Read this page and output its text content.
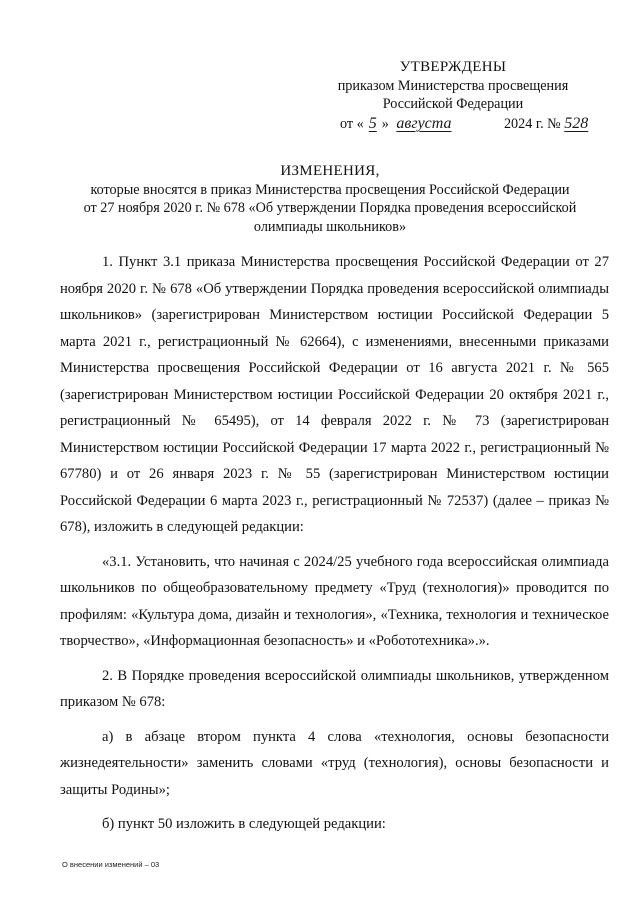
УТВЕРЖДЕНЫ
приказом Министерства просвещения
Российской Федерации
от « 5 » августа	2024 г. № 528
ИЗМЕНЕНИЯ,
которые вносятся в приказ Министерства просвещения Российской Федерации
от 27 ноября 2020 г. № 678 «Об утверждении Порядка проведения всероссийской
олимпиады школьников»

1. Пункт 3.1 приказа Министерства просвещения Российской Федерации от 27 ноября 2020 г. № 678 «Об утверждении Порядка проведения всероссийской олимпиады школьников» (зарегистрирован Министерством юстиции Российской Федерации 5 марта 2021 г., регистрационный № 62664), с изменениями, внесенными приказами Министерства просвещения Российской Федерации от 16 августа 2021 г. № 565 (зарегистрирован Министерством юстиции Российской Федерации 20 октября 2021 г., регистрационный № 65495), от 14 февраля 2022 г. № 73 (зарегистрирован Министерством юстиции Российской Федерации 17 марта 2022 г., регистрационный № 67780) и от 26 января 2023 г. № 55 (зарегистрирован Министерством юстиции Российской Федерации 6 марта 2023 г., регистрационный № 72537) (далее – приказ № 678), изложить в следующей редакции:

«3.1. Установить, что начиная с 2024/25 учебного года всероссийская олимпиада школьников по общеобразовательному предмету «Труд (технология)» проводится по профилям: «Культура дома, дизайн и технология», «Техника, технология и техническое творчество», «Информационная безопасность» и «Робототехника».».

2. В Порядке проведения всероссийской олимпиады школьников, утвержденном приказом № 678:

а) в абзаце втором пункта 4 слова «технология, основы безопасности жизнедеятельности» заменить словами «труд (технология), основы безопасности и защиты Родины»;

б) пункт 50 изложить в следующей редакции:

О внесении изменений – 03
